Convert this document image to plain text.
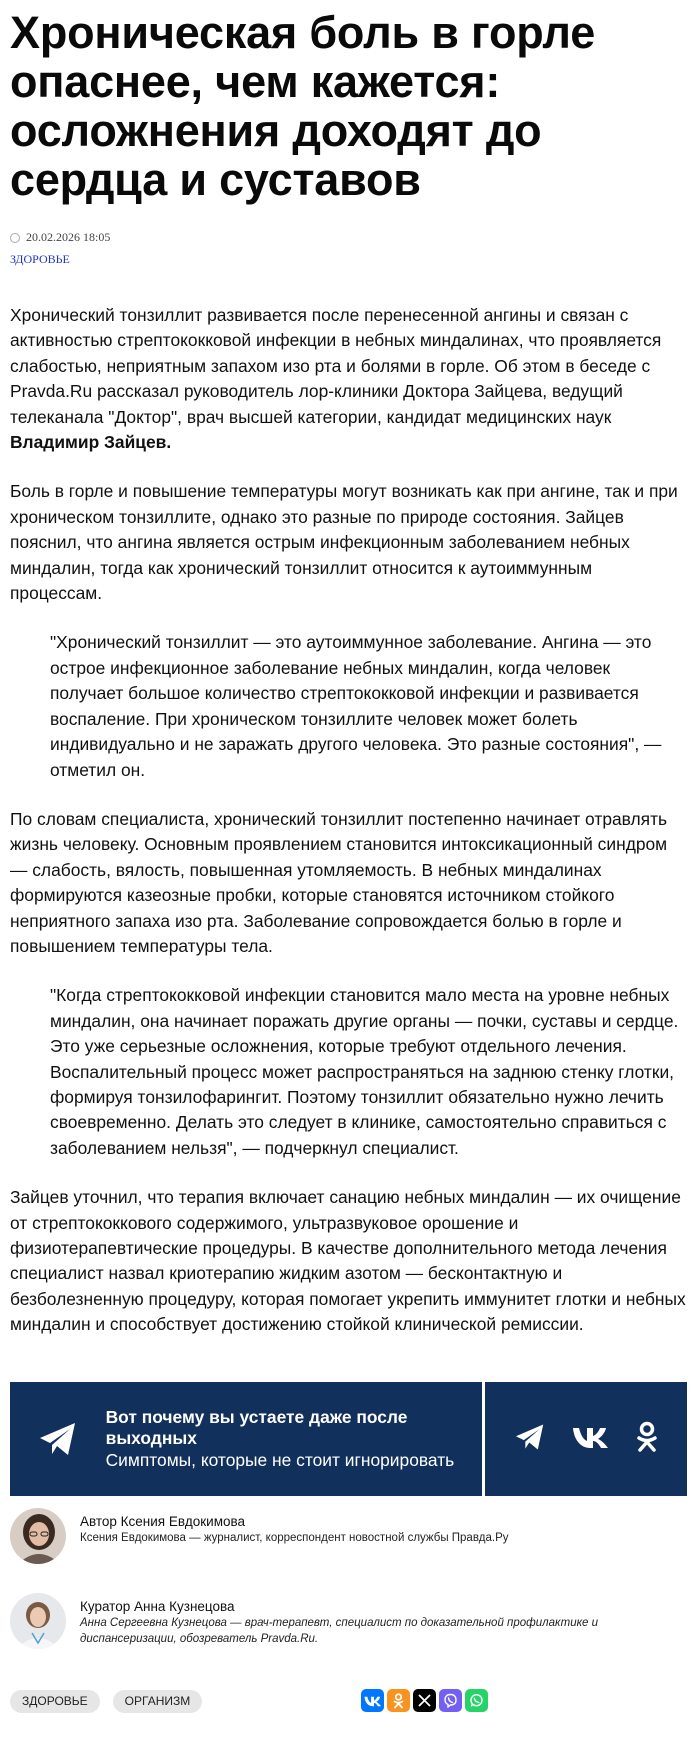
Хроническая боль в горле опаснее, чем кажется: осложнения доходят до сердца и суставов
20.02.2026 18:05
ЗДОРОВЬЕ

Хронический тонзиллит развивается после перенесенной ангины и связан с активностью стрептококковой инфекции в небных миндалинах, что проявляется слабостью, неприятным запахом изо рта и болями в горле. Об этом в беседе с Pravda.Ru рассказал руководитель лор-клиники Доктора Зайцева, ведущий телеканала "Доктор", врач высшей категории, кандидат медицинских наук Владимир Зайцев.

Боль в горле и повышение температуры могут возникать как при ангине, так и при хроническом тонзиллите, однако это разные по природе состояния. Зайцев пояснил, что ангина является острым инфекционным заболеванием небных миндалин, тогда как хронический тонзиллит относится к аутоиммунным процессам.

"Хронический тонзиллит — это аутоиммунное заболевание. Ангина — это острое инфекционное заболевание небных миндалин, когда человек получает большое количество стрептококковой инфекции и развивается воспаление. При хроническом тонзиллите человек может болеть индивидуально и не заражать другого человека. Это разные состояния", — отметил он.

По словам специалиста, хронический тонзиллит постепенно начинает отравлять жизнь человеку. Основным проявлением становится интоксикационный синдром — слабость, вялость, повышенная утомляемость. В небных миндалинах формируются казеозные пробки, которые становятся источником стойкого неприятного запаха изо рта. Заболевание сопровождается болью в горле и повышением температуры тела.

"Когда стрептококковой инфекции становится мало места на уровне небных миндалин, она начинает поражать другие органы — почки, суставы и сердце. Это уже серьезные осложнения, которые требуют отдельного лечения. Воспалительный процесс может распространяться на заднюю стенку глотки, формируя тонзилофарингит. Поэтому тонзиллит обязательно нужно лечить своевременно. Делать это следует в клинике, самостоятельно справиться с заболеванием нельзя", — подчеркнул специалист.

Зайцев уточнил, что терапия включает санацию небных миндалин — их очищение от стрептококкового содержимого, ультразвуковое орошение и физиотерапевтические процедуры. В качестве дополнительного метода лечения специалист назвал криотерапию жидким азотом — бесконтактную и безболезненную процедуру, которая помогает укрепить иммунитет глотки и небных миндалин и способствует достижению стойкой клинической ремиссии.

Вот почему вы устаете даже после выходных
Симптомы, которые не стоит игнорировать
Автор Ксения Евдокимова
Ксения Евдокимова — журналист, корреспондент новостной службы Правда.Ру
Куратор Анна Кузнецова
Анна Сергеевна Кузнецова — врач-терапевт, специалист по доказательной профилактике и диспансеризации, обозреватель Pravda.Ru.
ЗДОРОВЬЕ	ОРГАНИЗМ
